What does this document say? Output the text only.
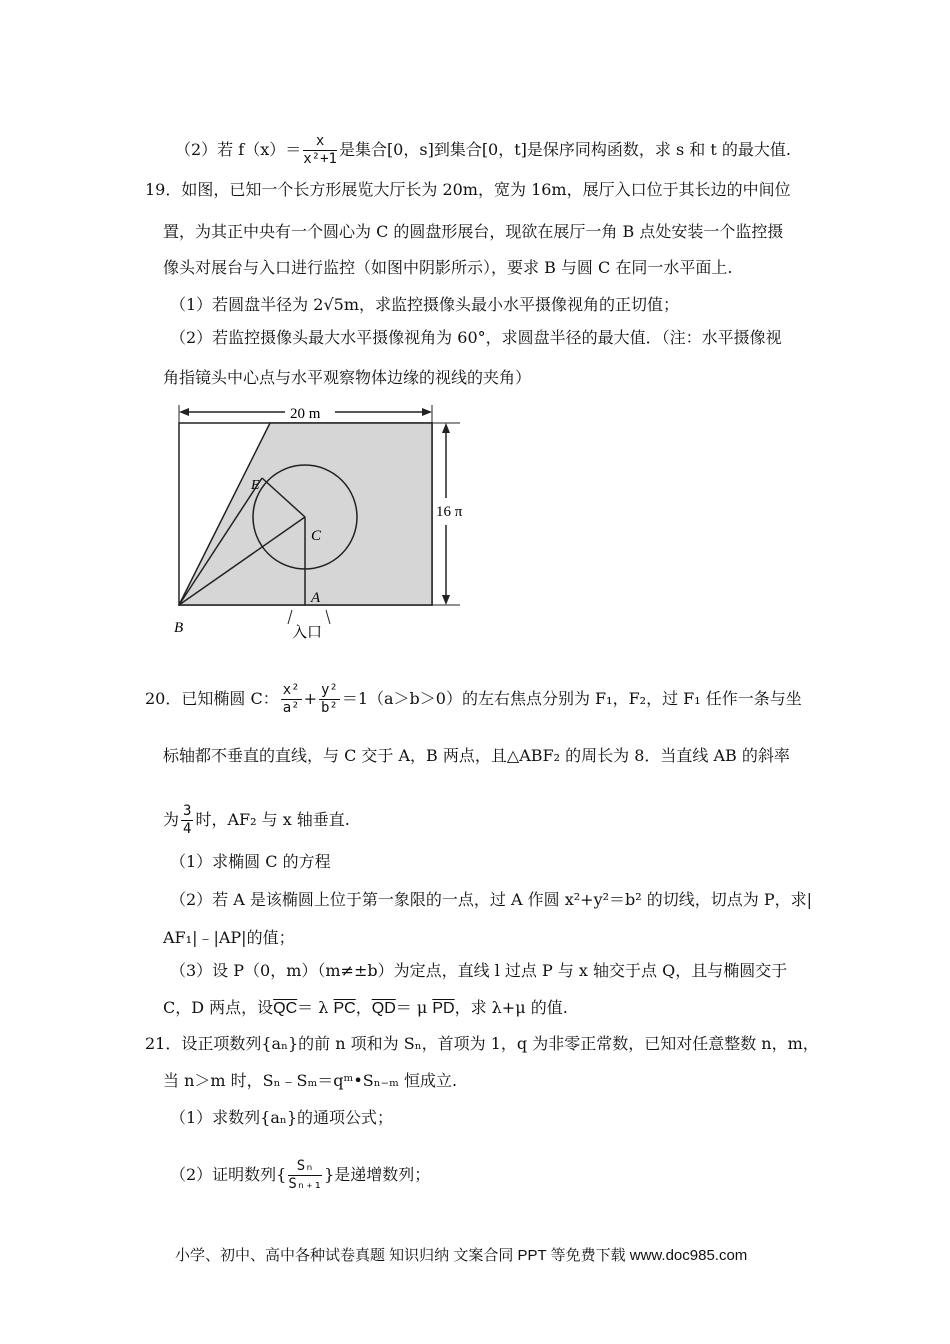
（2）若 $f(x)= \frac{x}{\text{x²+1}}$ 是集合[0，s]到集合[0，t]是保序同构函数，求 s 和 t 的最大值.
19．如图，已知一个长方形展览大厅长为 20m，宽为 16m，展厅入口位于其长边的中间位
置，为其正中央有一个圆心为 C 的圆盘形展台，现欲在展厅一角 B 点处安装一个监控摄
像头对展台与入口进行监控（如图中阴影所示），要求 B 与圆 C 在同一水平面上.
（1）若圆盘半径为 2√5m，求监控摄像头最小水平摄像视角的正切值；
（2）若监控摄像头最大水平摄像视角为 60°，求圆盘半径的最大值．（注：水平摄像视
角指镜头中心点与水平观察物体边缘的视线的夹角）
20 m
16 π
B
E
C
A
入口
20．已知椭圆 C： $\frac{\text{x²}}{\text{a²}} + \frac{\text{y²}}{\text{b²}} =1(a>b>0)$的左右焦点分别为 F₁，F₂，过 F₁ 任作一条与坐
标轴都不垂直的直线，与 C 交于 A，B 两点，且△ABF₂ 的周长为 8．当直线 AB 的斜率
为 $\frac{3}{4}$ 时，AF₂ 与 x 轴垂直.
（1）求椭圆 C 的方程
（2）若 A 是该椭圆上位于第一象限的一点，过 A 作圆 x²+y²＝b² 的切线，切点为 P，求|
AF₁|﹣|AP|的值；
（3）设 P（0，m）（m≠±b）为定点，直线 l 过点 P 与 x 轴交于点 Q，且与椭圆交于
C，D 两点，设$\overline{QC}= \lambda$ $\overline{PC}$，$\overline{QD}= \mu$ $\overline{PD}$，求 λ+μ 的值.
21．设正项数列{aₙ}的前 n 项和为 Sₙ，首项为 1，q 为非零正常数，已知对任意整数 n，m，
当 n＞m 时，Sₙ﹣Sₘ＝qᵐ•Sₙ₋ₘ 恒成立.
（1）求数列{aₙ}的通项公式；
（2）证明数列{ $\frac{\text{Sₙ}}{\text{Sₙ₊₁}}$ }是递增数列；
小学、初中、高中各种试卷真题 知识归纳 文案合同 PPT 等免费下载 www.doc985.com
